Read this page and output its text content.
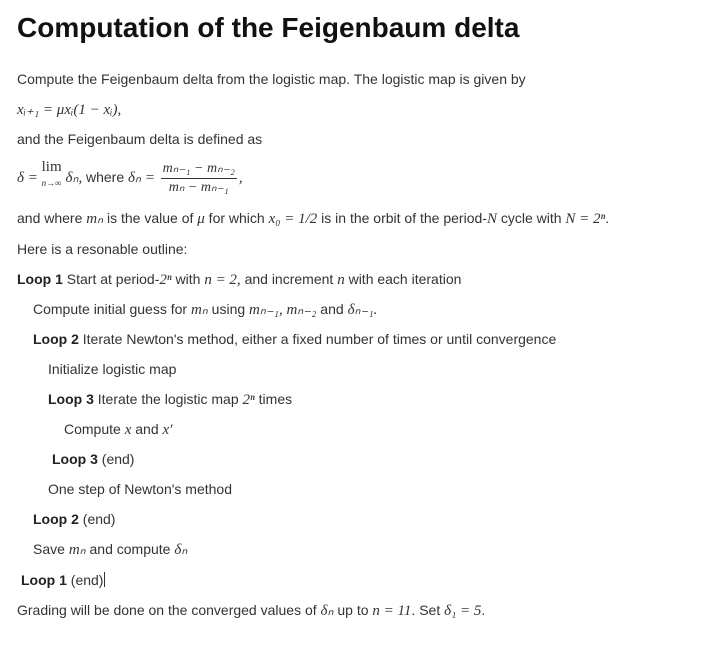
Computation of the Feigenbaum delta
Compute the Feigenbaum delta from the logistic map. The logistic map is given by
xᵢ₊₁ = μxᵢ(1 − xᵢ),
and the Feigenbaum delta is defined as
δ =
lim
n→∞ δₙ, where $\delta_n = \frac{\text{mₙ₋₁ − mₙ₋₂}}{\text{mₙ − mₙ₋₁}}$ ,
and where mₙ is the value of μ for which x₀ = 1/2 is in the orbit of the period-N cycle with N = 2ⁿ.
Here is a resonable outline:
Loop 1 Start at period-2ⁿ with n = 2, and increment n with each iteration
Compute initial guess for mₙ using mₙ₋₁, mₙ₋₂ and δₙ₋₁.
Loop 2 Iterate Newton's method, either a fixed number of times or until convergence
Initialize logistic map
Loop 3 Iterate the logistic map 2ⁿ times
Compute x and x′
Loop 3 (end)
One step of Newton's method
Loop 2 (end)
Save mₙ and compute δₙ
Loop 1 (end)
Grading will be done on the converged values of δₙ up to n = 11. Set δ₁ = 5.
